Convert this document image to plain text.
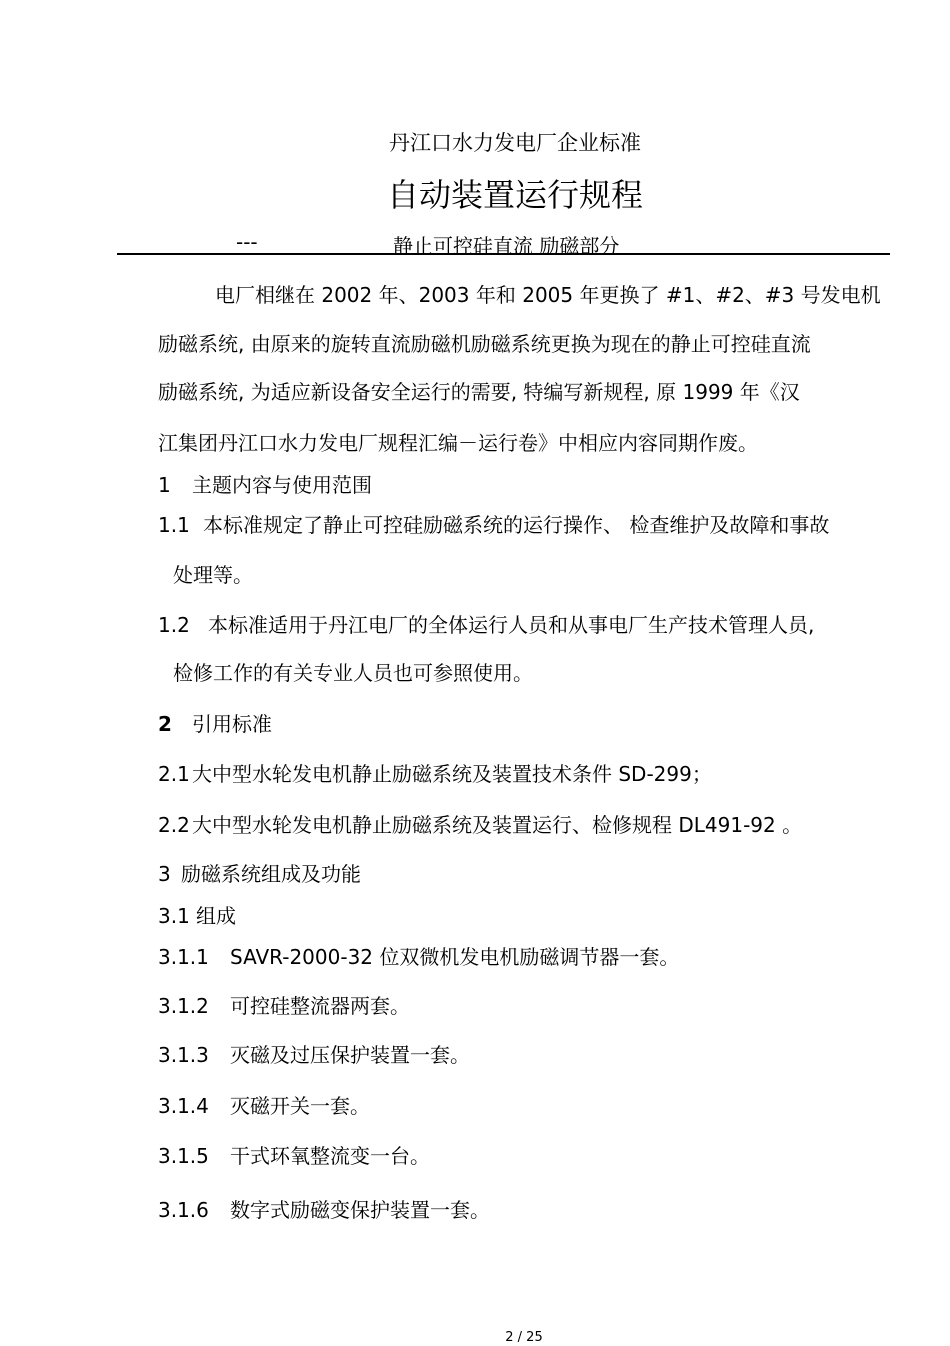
丹江口水力发电厂企业标准
自动装置运行规程
---	静止可控硅直流 励磁部分
电厂相继在 2002 年、2003 年和 2005 年更换了 #1、#2、#3 号发电机
励磁系统, 由原来的旋转直流励磁机励磁系统更换为现在的静止可控硅直流
励磁系统, 为适应新设备安全运行的需要, 特编写新规程, 原 1999 年《汉
江集团丹江口水力发电厂规程汇编－运行卷》中相应内容同期作废。
1 主题内容与使用范围
1.1 本标准规定了静止可控硅励磁系统的运行操作、 检查维护及故障和事故
处理等。
1.2 本标准适用于丹江电厂的全体运行人员和从事电厂生产技术管理人员,
检修工作的有关专业人员也可参照使用。
2 引用标准
2.1 大中型水轮发电机静止励磁系统及装置技术条件 SD-299；
2.2 大中型水轮发电机静止励磁系统及装置运行、检修规程 DL491-92 。
3 励磁系统组成及功能
3.1 组成
3.1.1 SAVR-2000-32 位双微机发电机励磁调节器一套。
3.1.2 可控硅整流器两套。
3.1.3 灭磁及过压保护装置一套。
3.1.4 灭磁开关一套。
3.1.5 干式环氧整流变一台。
3.1.6 数字式励磁变保护装置一套。
2 / 25
